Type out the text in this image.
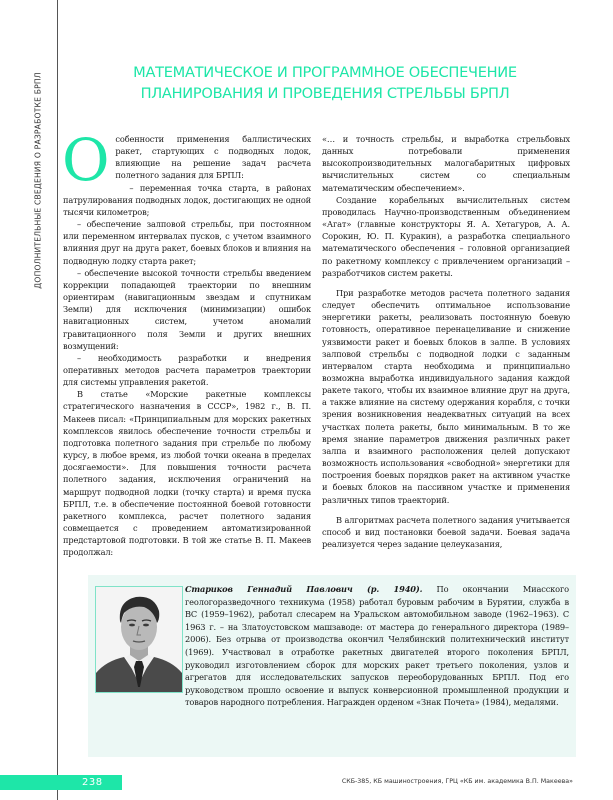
ДОПОЛНИТЕЛЬНЫЕ СВЕДЕНИЯ О РАЗРАБОТКЕ БРПЛ	МАТЕМАТИЧЕСКОЕ И ПРОГРАММНОЕ ОБЕСПЕЧЕНИЕ
ПЛАНИРОВАНИЯ И ПРОВЕДЕНИЯ СТРЕЛЬБЫ БРПЛ

Особенности применения баллистических ракет, стартующих с подводных лодок, влияющие на решение задач расчета полетного задания для БРПЛ:

– переменная точка старта, в районах патрулирования подводных лодок, достигающих не одной тысячи километров;

– обеспечение залповой стрельбы, при постоянном или переменном интервалах пусков, с учетом взаимного влияния друг на друга ракет, боевых блоков и влияния на подводную лодку старта ракет;

– обеспечение высокой точности стрельбы введением коррекции попадающей траектории по внешним ориентирам (навигационным звездам и спутникам Земли) для исключения (минимизации) ошибок навигационных систем, учетом аномалий гравитационного поля Земли и других внешних возмущений:

– необходимость разработки и внедрения оперативных методов расчета параметров траектории для системы управления ракетой.

В статье «Морские ракетные комплексы стратегического назначения в СССР», 1982 г., В. П. Макеев писал: «Принципиальным для морских ракетных комплексов явилось обеспечение точности стрельбы и подготовка полетного задания при стрельбе по любому курсу, в любое время, из любой точки океана в пределах досягаемости». Для повышения точности расчета полетного задания, исключения ограничений на маршрут подводной лодки (точку старта) и время пуска БРПЛ, т.е. в обеспечение постоянной боевой готовности ракетного комплекса, расчет полетного задания совмещается с проведением автоматизированной предстартовой подготовки. В той же статье В. П. Макеев продолжал:

«… и точность стрельбы, и выработка стрельбовых данных потребовали применения высокопроизводительных малогабаритных цифровых вычислительных систем со специальным математическим обеспечением».

Создание корабельных вычислительных систем проводилась Научно-производственным объединением «Агат» (главные конструкторы Я. А. Хетагуров, А. А. Сорокин, Ю. П. Куракин), а разработка специального математического обеспечения – головной организацией по ракетному комплексу с привлечением организаций – разработчиков систем ракеты.

При разработке методов расчета полетного задания следует обеспечить оптимальное использование энергетики ракеты, реализовать постоянную боевую готовность, оперативное перенацеливание и снижение уязвимости ракет и боевых блоков в залпе. В условиях залповой стрельбы с подводной лодки с заданным интервалом старта необходима и принципиально возможна выработка индивидуального задания каждой ракете такого, чтобы их взаимное влияние друг на друга, а также влияние на систему одержания корабля, с точки зрения возникновения неадекватных ситуаций на всех участках полета ракеты, было минимальным. В то же время знание параметров движения различных ракет залпа и взаимного расположения целей допускают возможность использования «свободной» энергетики для построения боевых порядков ракет на активном участке и боевых блоков на пассивном участке и применения различных типов траекторий.

В алгоритмах расчета полетного задания учитывается способ и вид постановки боевой задачи. Боевая задача реализуется через задание целеуказания,

Стариков Геннадий Павлович (р. 1940). По окончании Миасского геологоразведочного техникума (1958) работал буровым рабочим в Бурятии, служба в ВС (1959–1962), работал слесарем на Уральском автомобильном заводе (1962–1963). С 1963 г. – на Златоустовском машзаводе: от мастера до генерального директора (1989–2006). Без отрыва от производства окончил Челябинский политехнический институт (1969). Участвовал в отработке ракетных двигателей второго поколения БРПЛ, руководил изготовлением сборок для морских ракет третьего поколения, узлов и агрегатов для исследовательских запусков переоборудованных БРПЛ. Под его руководством прошло освоение и выпуск конверсионной промышленной продукции и товаров народного потребления. Награжден орденом «Знак Почета» (1984), медалями.
238	СКБ-385, КБ машиностроения, ГРЦ «КБ им. академика В.П. Макеева»
